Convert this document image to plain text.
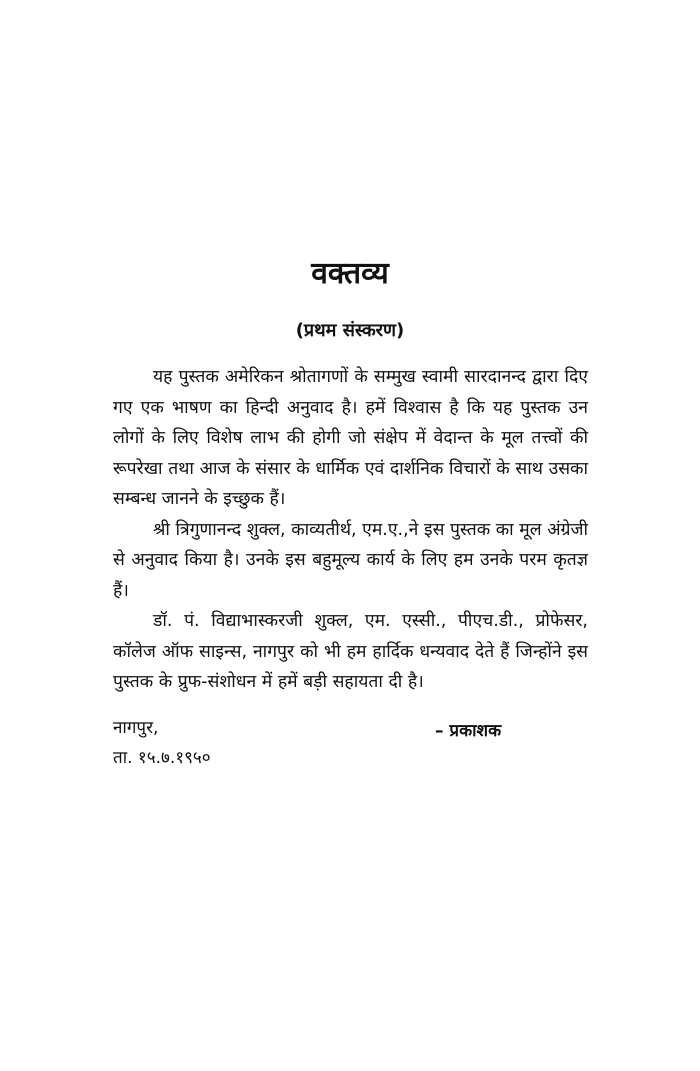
वक्तव्य
(प्रथम संस्करण)

यह पुस्तक अमेरिकन श्रोतागणों के सम्मुख स्वामी सारदानन्द द्वारा दिए गए एक भाषण का हिन्दी अनुवाद है। हमें विश्वास है कि यह पुस्तक उन लोगों के लिए विशेष लाभ की होगी जो संक्षेप में वेदान्त के मूल तत्त्वों की रूपरेखा तथा आज के संसार के धार्मिक एवं दार्शनिक विचारों के साथ उसका सम्बन्ध जानने के इच्छुक हैं।

श्री त्रिगुणानन्द शुक्ल, काव्यतीर्थ, एम.ए.,ने इस पुस्तक का मूल अंग्रेजी से अनुवाद किया है। उनके इस बहुमूल्य कार्य के लिए हम उनके परम कृतज्ञ हैं।

डॉ. पं. विद्याभास्करजी शुक्ल, एम. एस्सी., पीएच.डी., प्रोफेसर, कॉलेज ऑफ साइन्स, नागपुर को भी हम हार्दिक धन्यवाद देते हैं जिन्होंने इस पुस्तक के प्रुफ-संशोधन में हमें बड़ी सहायता दी है।

नागपुर,
ता. १५.७.१९५०
– प्रकाशक
